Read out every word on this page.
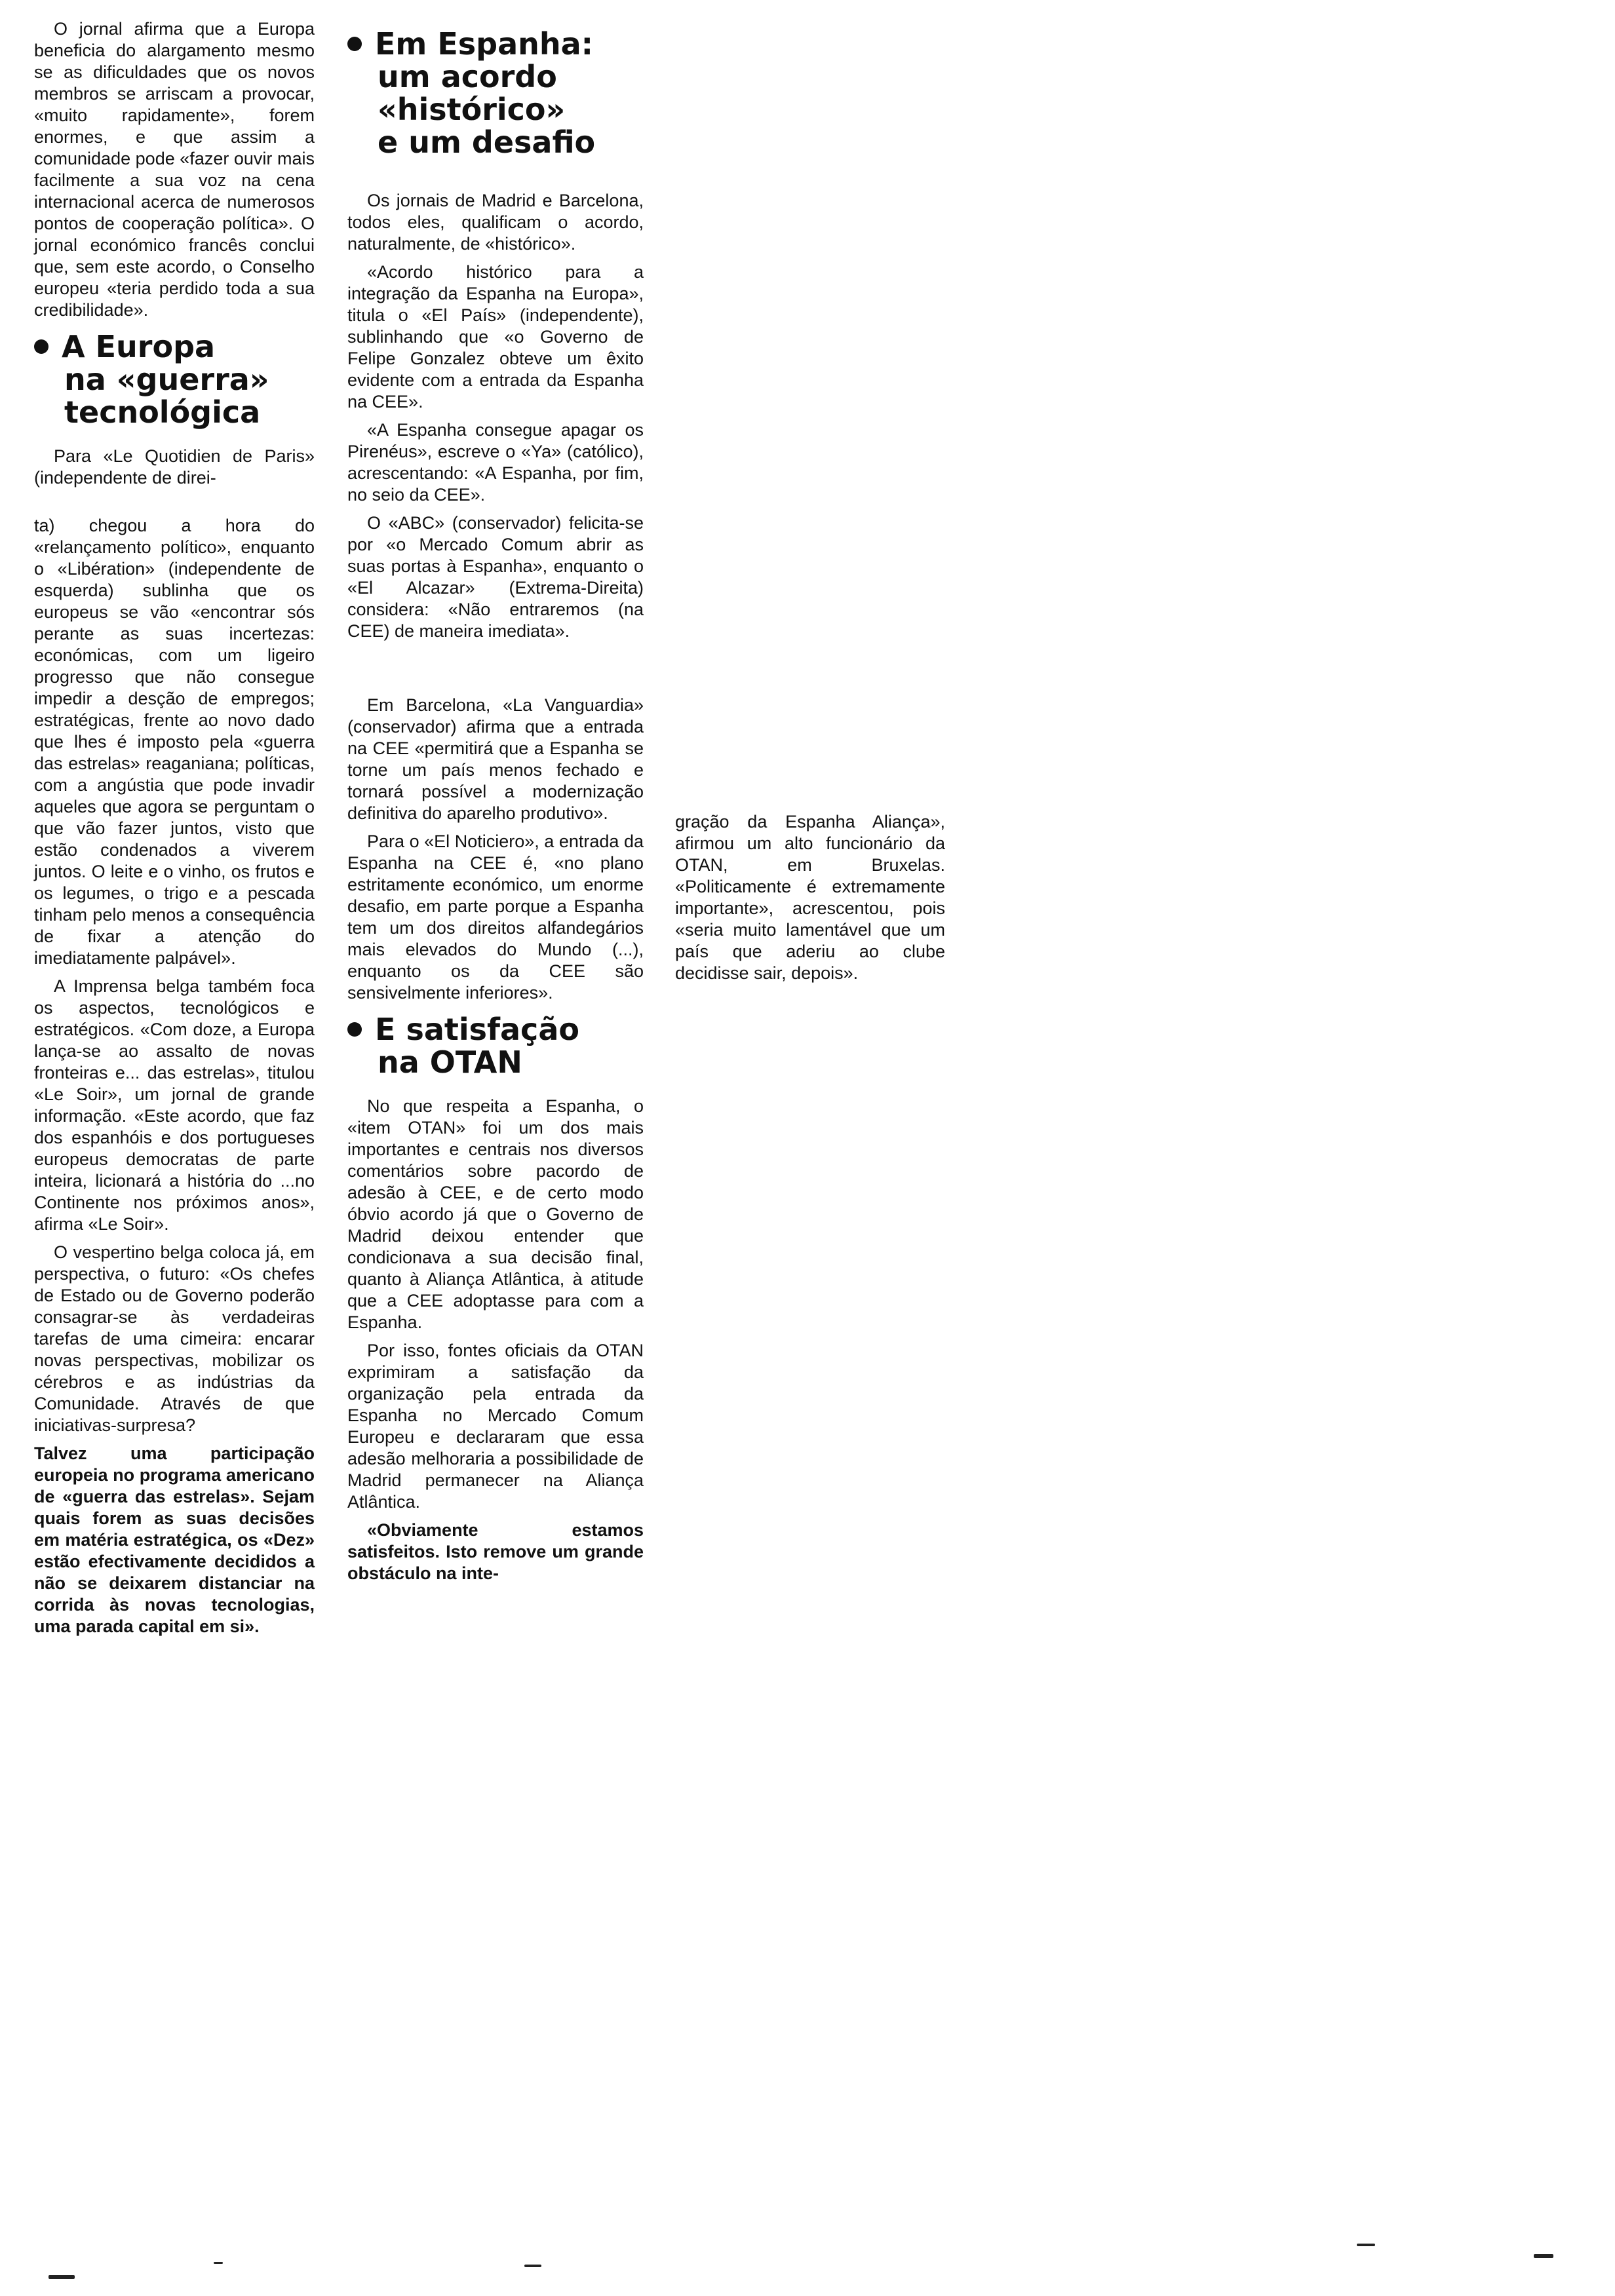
O jornal afirma que a Europa beneficia do alargamento mesmo se as dificuldades que os novos membros se arriscam a provocar, «muito rapidamente», forem enormes, e que assim a comunidade pode «fazer ouvir mais facilmente a sua voz na cena internacional acerca de numerosos pontos de cooperação política». O jornal económico francês conclui que, sem este acordo, o Conselho europeu «teria perdido toda a sua credibilidade».

A Europa
na «guerra»
tecnológica

Para «Le Quotidien de Paris» (independente de direi-

ta) chegou a hora do «relançamento político», enquanto o «Libération» (independente de esquerda) sublinha que os europeus se vão «encontrar sós perante as suas incertezas: económicas, com um ligeiro progresso que não consegue impedir a desção de empregos; estratégicas, frente ao novo dado que lhes é imposto pela «guerra das estrelas» reaganiana; políticas, com a angústia que pode invadir aqueles que agora se perguntam o que vão fazer juntos, visto que estão condenados a viverem juntos. O leite e o vinho, os frutos e os legumes, o trigo e a pescada tinham pelo menos a consequência de fixar a atenção do imediatamente palpável».

A Imprensa belga também foca os aspectos, tecnológicos e estratégicos. «Com doze, a Europa lança-se ao assalto de novas fronteiras e... das estrelas», titulou «Le Soir», um jornal de grande informação. «Este acordo, que faz dos espanhóis e dos portugueses europeus democratas de parte inteira, licionará a história do ...no Continente nos próximos anos», afirma «Le Soir».

O vespertino belga coloca já, em perspectiva, o futuro: «Os chefes de Estado ou de Governo poderão consagrar-se às verdadeiras tarefas de uma cimeira: encarar novas perspectivas, mobilizar os cérebros e as indústrias da Comunidade. Através de que iniciativas-surpresa?

Talvez uma participação europeia no programa americano de «guerra das estrelas». Sejam quais forem as suas decisões em matéria estratégica, os «Dez» estão efectivamente decididos a não se deixarem distanciar na corrida às novas tecnologias, uma parada capital em si».

Em Espanha:
um acordo
«histórico»
e um desafio

Os jornais de Madrid e Barcelona, todos eles, qualificam o acordo, naturalmente, de «histórico».

«Acordo histórico para a integração da Espanha na Europa», titula o «El País» (independente), sublinhando que «o Governo de Felipe Gonzalez obteve um êxito evidente com a entrada da Espanha na CEE».

«A Espanha consegue apagar os Pirenéus», escreve o «Ya» (católico), acrescentando: «A Espanha, por fim, no seio da CEE».

O «ABC» (conservador) felicita-se por «o Mercado Comum abrir as suas portas à Espanha», enquanto o «El Alcazar» (Extrema-Direita) considera: «Não entraremos (na CEE) de maneira imediata».

Em Barcelona, «La Vanguardia» (conservador) afirma que a entrada na CEE «permitirá que a Espanha se torne um país menos fechado e tornará possível a modernização definitiva do aparelho produtivo».

Para o «El Noticiero», a entrada da Espanha na CEE é, «no plano estritamente económico, um enorme desafio, em parte porque a Espanha tem um dos direitos alfandegários mais elevados do Mundo (...), enquanto os da CEE são sensivelmente inferiores».

E satisfação
na OTAN

No que respeita a Espanha, o «item OTAN» foi um dos mais importantes e centrais nos diversos comentários sobre pacordo de adesão à CEE, e de certo modo óbvio acordo já que o Governo de Madrid deixou entender que condicionava a sua decisão final, quanto à Aliança Atlântica, à atitude que a CEE adoptasse para com a Espanha.

Por isso, fontes oficiais da OTAN exprimiram a satisfação da organização pela entrada da Espanha no Mercado Comum Europeu e declararam que essa adesão melhoraria a possibilidade de Madrid permanecer na Aliança Atlântica.

«Obviamente estamos satisfeitos. Isto remove um grande obstáculo na inte-

gração da Espanha Aliança», afirmou um alto funcionário da OTAN, em Bruxelas. «Politicamente é extremamente importante», acrescentou, pois «seria muito lamentável que um país que aderiu ao clube decidisse sair, depois».
